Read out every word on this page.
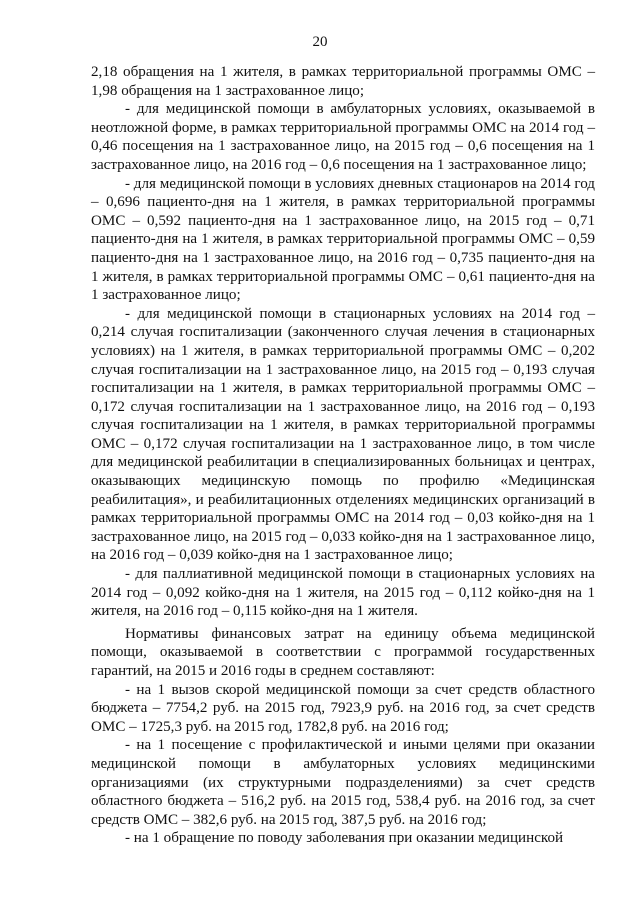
20

2,18 обращения на 1 жителя, в рамках территориальной программы ОМС – 1,98 обращения на 1 застрахованное лицо;

- для медицинской помощи в амбулаторных условиях, оказываемой в неотложной форме, в рамках территориальной программы ОМС на 2014 год – 0,46 посещения на 1 застрахованное лицо, на 2015 год – 0,6 посещения на 1 застрахованное лицо, на 2016 год – 0,6 посещения на 1 застрахованное лицо;

- для медицинской помощи в условиях дневных стационаров на 2014 год – 0,696 пациенто-дня на 1 жителя, в рамках территориальной программы ОМС – 0,592 пациенто-дня на 1 застрахованное лицо, на 2015 год – 0,71 пациенто-дня на 1 жителя, в рамках территориальной программы ОМС – 0,59 пациенто-дня на 1 застрахованное лицо, на 2016 год – 0,735 пациенто-дня на 1 жителя, в рамках территориальной программы ОМС – 0,61 пациенто-дня на 1 застрахованное лицо;

- для медицинской помощи в стационарных условиях на 2014 год – 0,214 случая госпитализации (законченного случая лечения в стационарных условиях) на 1 жителя, в рамках территориальной программы ОМС – 0,202 случая госпитализации на 1 застрахованное лицо, на 2015 год – 0,193 случая госпитализации на 1 жителя, в рамках территориальной программы ОМС – 0,172 случая госпитализации на 1 застрахованное лицо, на 2016 год – 0,193 случая госпитализации на 1 жителя, в рамках территориальной программы ОМС – 0,172 случая госпитализации на 1 застрахованное лицо, в том числе для медицинской реабилитации в специализированных больницах и центрах, оказывающих медицинскую помощь по профилю «Медицинская реабилитация», и реабилитационных отделениях медицинских организаций в рамках территориальной программы ОМС на 2014 год – 0,03 койко-дня на 1 застрахованное лицо, на 2015 год – 0,033 койко-дня на 1 застрахованное лицо, на 2016 год – 0,039 койко-дня на 1 застрахованное лицо;

- для паллиативной медицинской помощи в стационарных условиях на 2014 год – 0,092 койко-дня на 1 жителя, на 2015 год – 0,112 койко-дня на 1 жителя, на 2016 год – 0,115 койко-дня на 1 жителя.

Нормативы финансовых затрат на единицу объема медицинской помощи, оказываемой в соответствии с программой государственных гарантий, на 2015 и 2016 годы в среднем составляют:

- на 1 вызов скорой медицинской помощи за счет средств областного бюджета – 7754,2 руб. на 2015 год, 7923,9 руб. на 2016 год, за счет средств ОМС – 1725,3 руб. на 2015 год, 1782,8 руб. на 2016 год;

- на 1 посещение с профилактической и иными целями при оказании медицинской помощи в амбулаторных условиях медицинскими организациями (их структурными подразделениями) за счет средств областного бюджета – 516,2 руб. на 2015 год, 538,4 руб. на 2016 год, за счет средств ОМС – 382,6 руб. на 2015 год, 387,5 руб. на 2016 год;

- на 1 обращение по поводу заболевания при оказании медицинской
